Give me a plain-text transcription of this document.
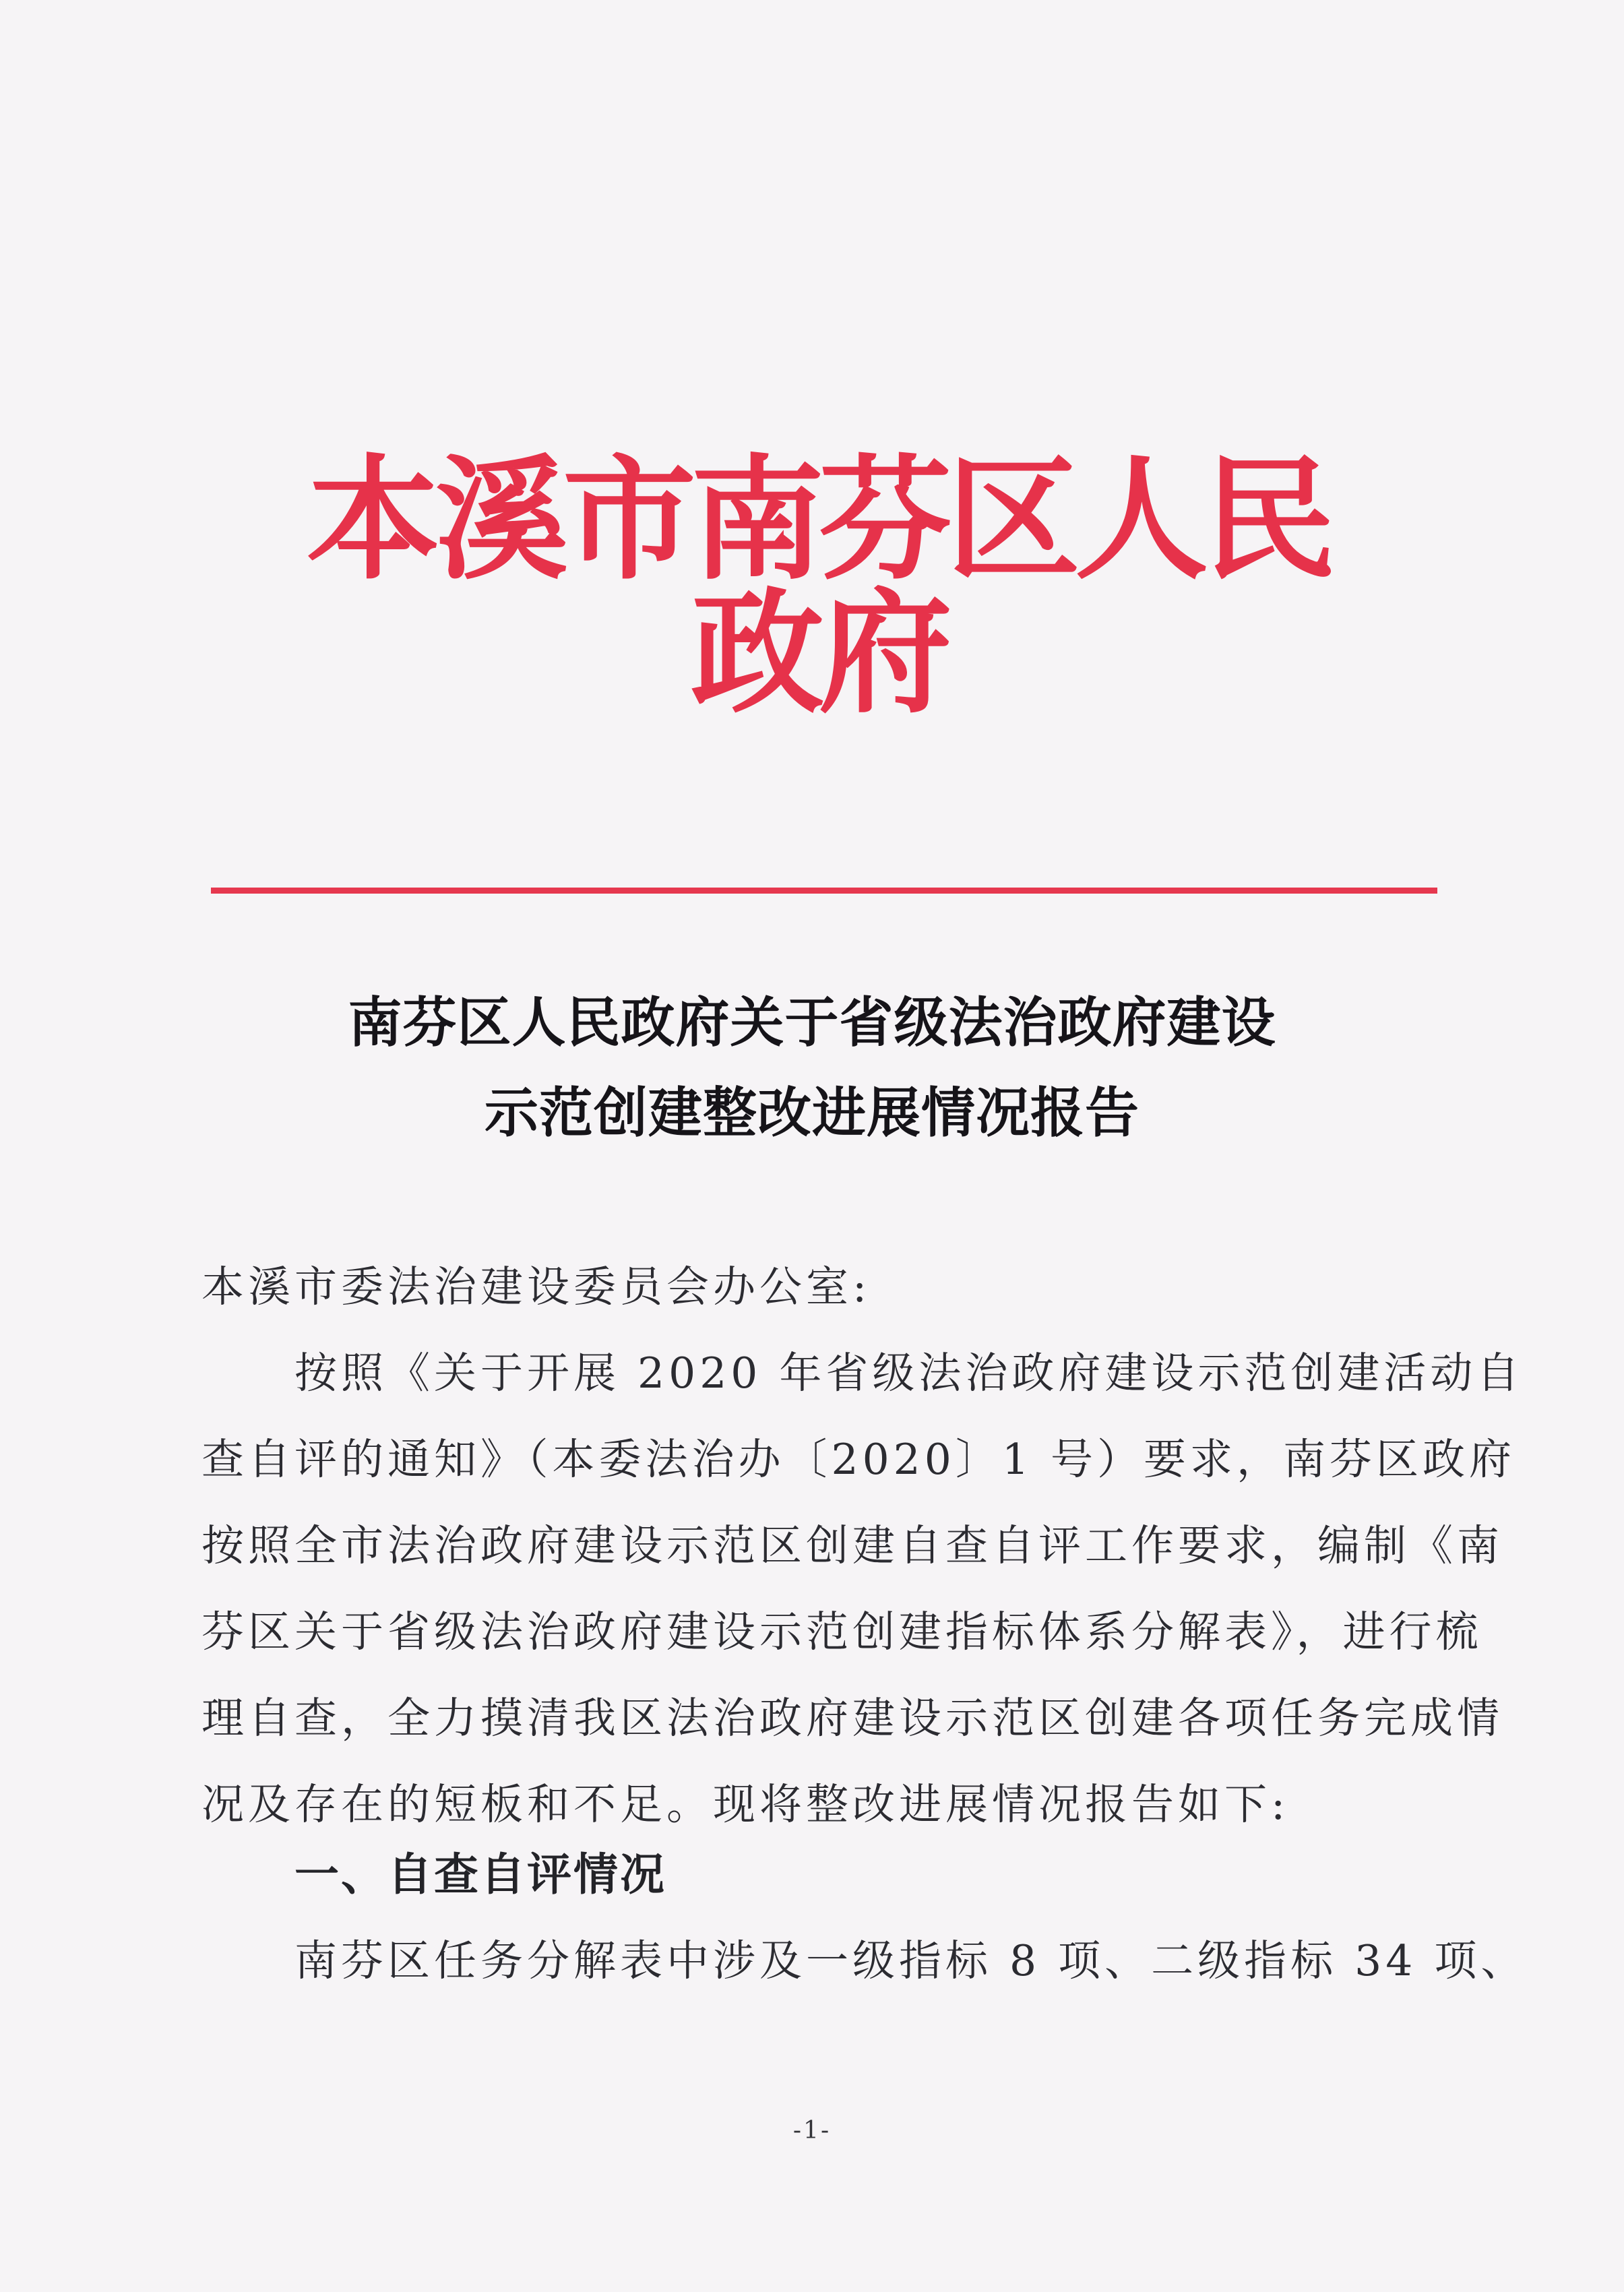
本溪市南芬区人民政府
南芬区人民政府关于省级法治政府建设
示范创建整改进展情况报告
本溪市委法治建设委员会办公室:
按照《关于开展 2020 年省级法治政府建设示范创建活动自
查自评的通知》（本委法治办〔2020〕1 号）要求，南芬区政府
按照全市法治政府建设示范区创建自查自评工作要求，编制《南
芬区关于省级法治政府建设示范创建指标体系分解表》，进行梳
理自查，全力摸清我区法治政府建设示范区创建各项任务完成情
况及存在的短板和不足。现将整改进展情况报告如下:
一、自查自评情况
南芬区任务分解表中涉及一级指标 8 项、二级指标 34 项、
-1-
